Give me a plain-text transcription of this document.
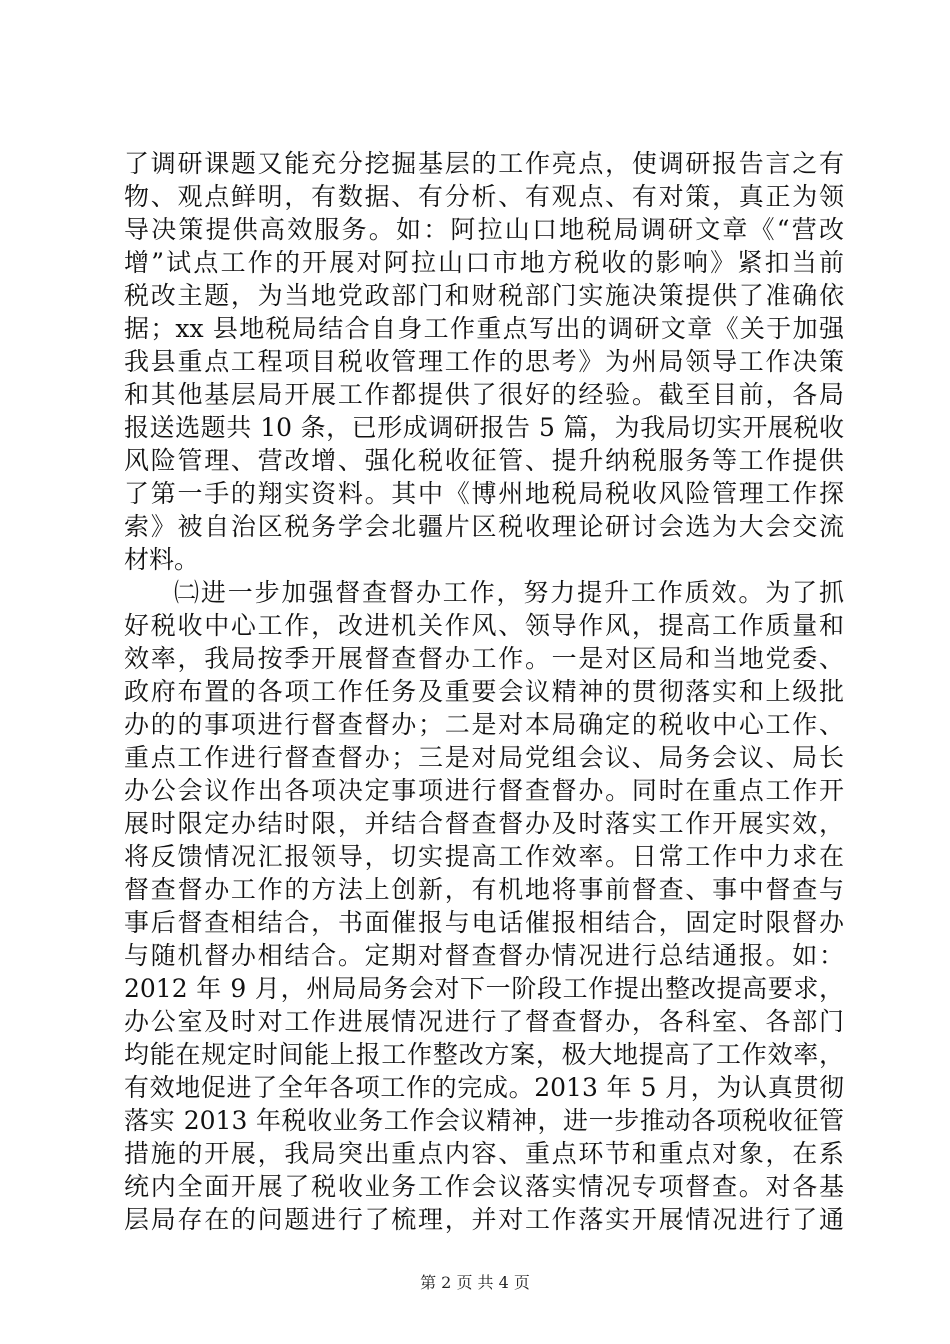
了调研课题又能充分挖掘基层的工作亮点，使调研报告言之有
物、观点鲜明，有数据、有分析、有观点、有对策，真正为领
导决策提供高效服务。如：阿拉山口地税局调研文章《“营改
增”试点工作的开展对阿拉山口市地方税收的影响》紧扣当前
税改主题，为当地党政部门和财税部门实施决策提供了准确依
据；xx 县地税局结合自身工作重点写出的调研文章《关于加强
我县重点工程项目税收管理工作的思考》为州局领导工作决策
和其他基层局开展工作都提供了很好的经验。截至目前，各局
报送选题共 10 条，已形成调研报告 5 篇，为我局切实开展税收
风险管理、营改增、强化税收征管、提升纳税服务等工作提供
了第一手的翔实资料。其中《博州地税局税收风险管理工作探
索》被自治区税务学会北疆片区税收理论研讨会选为大会交流
材料。
㈡进一步加强督查督办工作，努力提升工作质效。为了抓
好税收中心工作，改进机关作风、领导作风，提高工作质量和
效率，我局按季开展督查督办工作。一是对区局和当地党委、
政府布置的各项工作任务及重要会议精神的贯彻落实和上级批
办的的事项进行督查督办；二是对本局确定的税收中心工作、
重点工作进行督查督办；三是对局党组会议、局务会议、局长
办公会议作出各项决定事项进行督查督办。同时在重点工作开
展时限定办结时限，并结合督查督办及时落实工作开展实效，
将反馈情况汇报领导，切实提高工作效率。日常工作中力求在
督查督办工作的方法上创新，有机地将事前督查、事中督查与
事后督查相结合，书面催报与电话催报相结合，固定时限督办
与随机督办相结合。定期对督查督办情况进行总结通报。如：
2012 年 9 月，州局局务会对下一阶段工作提出整改提高要求，
办公室及时对工作进展情况进行了督查督办，各科室、各部门
均能在规定时间能上报工作整改方案，极大地提高了工作效率，
有效地促进了全年各项工作的完成。2013 年 5 月，为认真贯彻
落实 2013 年税收业务工作会议精神，进一步推动各项税收征管
措施的开展，我局突出重点内容、重点环节和重点对象，在系
统内全面开展了税收业务工作会议落实情况专项督查。对各基
层局存在的问题进行了梳理，并对工作落实开展情况进行了通
第 2 页 共 4 页
